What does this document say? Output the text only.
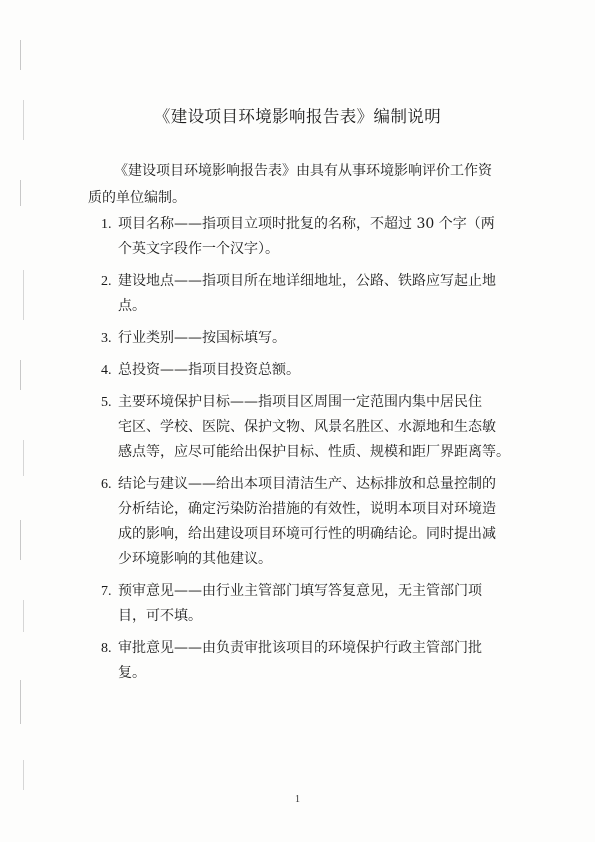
《建设项目环境影响报告表》编制说明
《建设项目环境影响报告表》由具有从事环境影响评价工作资
质的单位编制。
1. 项目名称——指项目立项时批复的名称，不超过 30 个字（两
个英文字段作一个汉字）。
2. 建设地点——指项目所在地详细地址，公路、铁路应写起止地
点。
3. 行业类别——按国标填写。
4. 总投资——指项目投资总额。
5. 主要环境保护目标——指项目区周围一定范围内集中居民住
宅区、学校、医院、保护文物、风景名胜区、水源地和生态敏
感点等，应尽可能给出保护目标、性质、规模和距厂界距离等。
6. 结论与建议——给出本项目清洁生产、达标排放和总量控制的
分析结论，确定污染防治措施的有效性，说明本项目对环境造
成的影响，给出建设项目环境可行性的明确结论。同时提出减
少环境影响的其他建议。
7. 预审意见——由行业主管部门填写答复意见，无主管部门项
目，可不填。
8. 审批意见——由负责审批该项目的环境保护行政主管部门批
复。
1
